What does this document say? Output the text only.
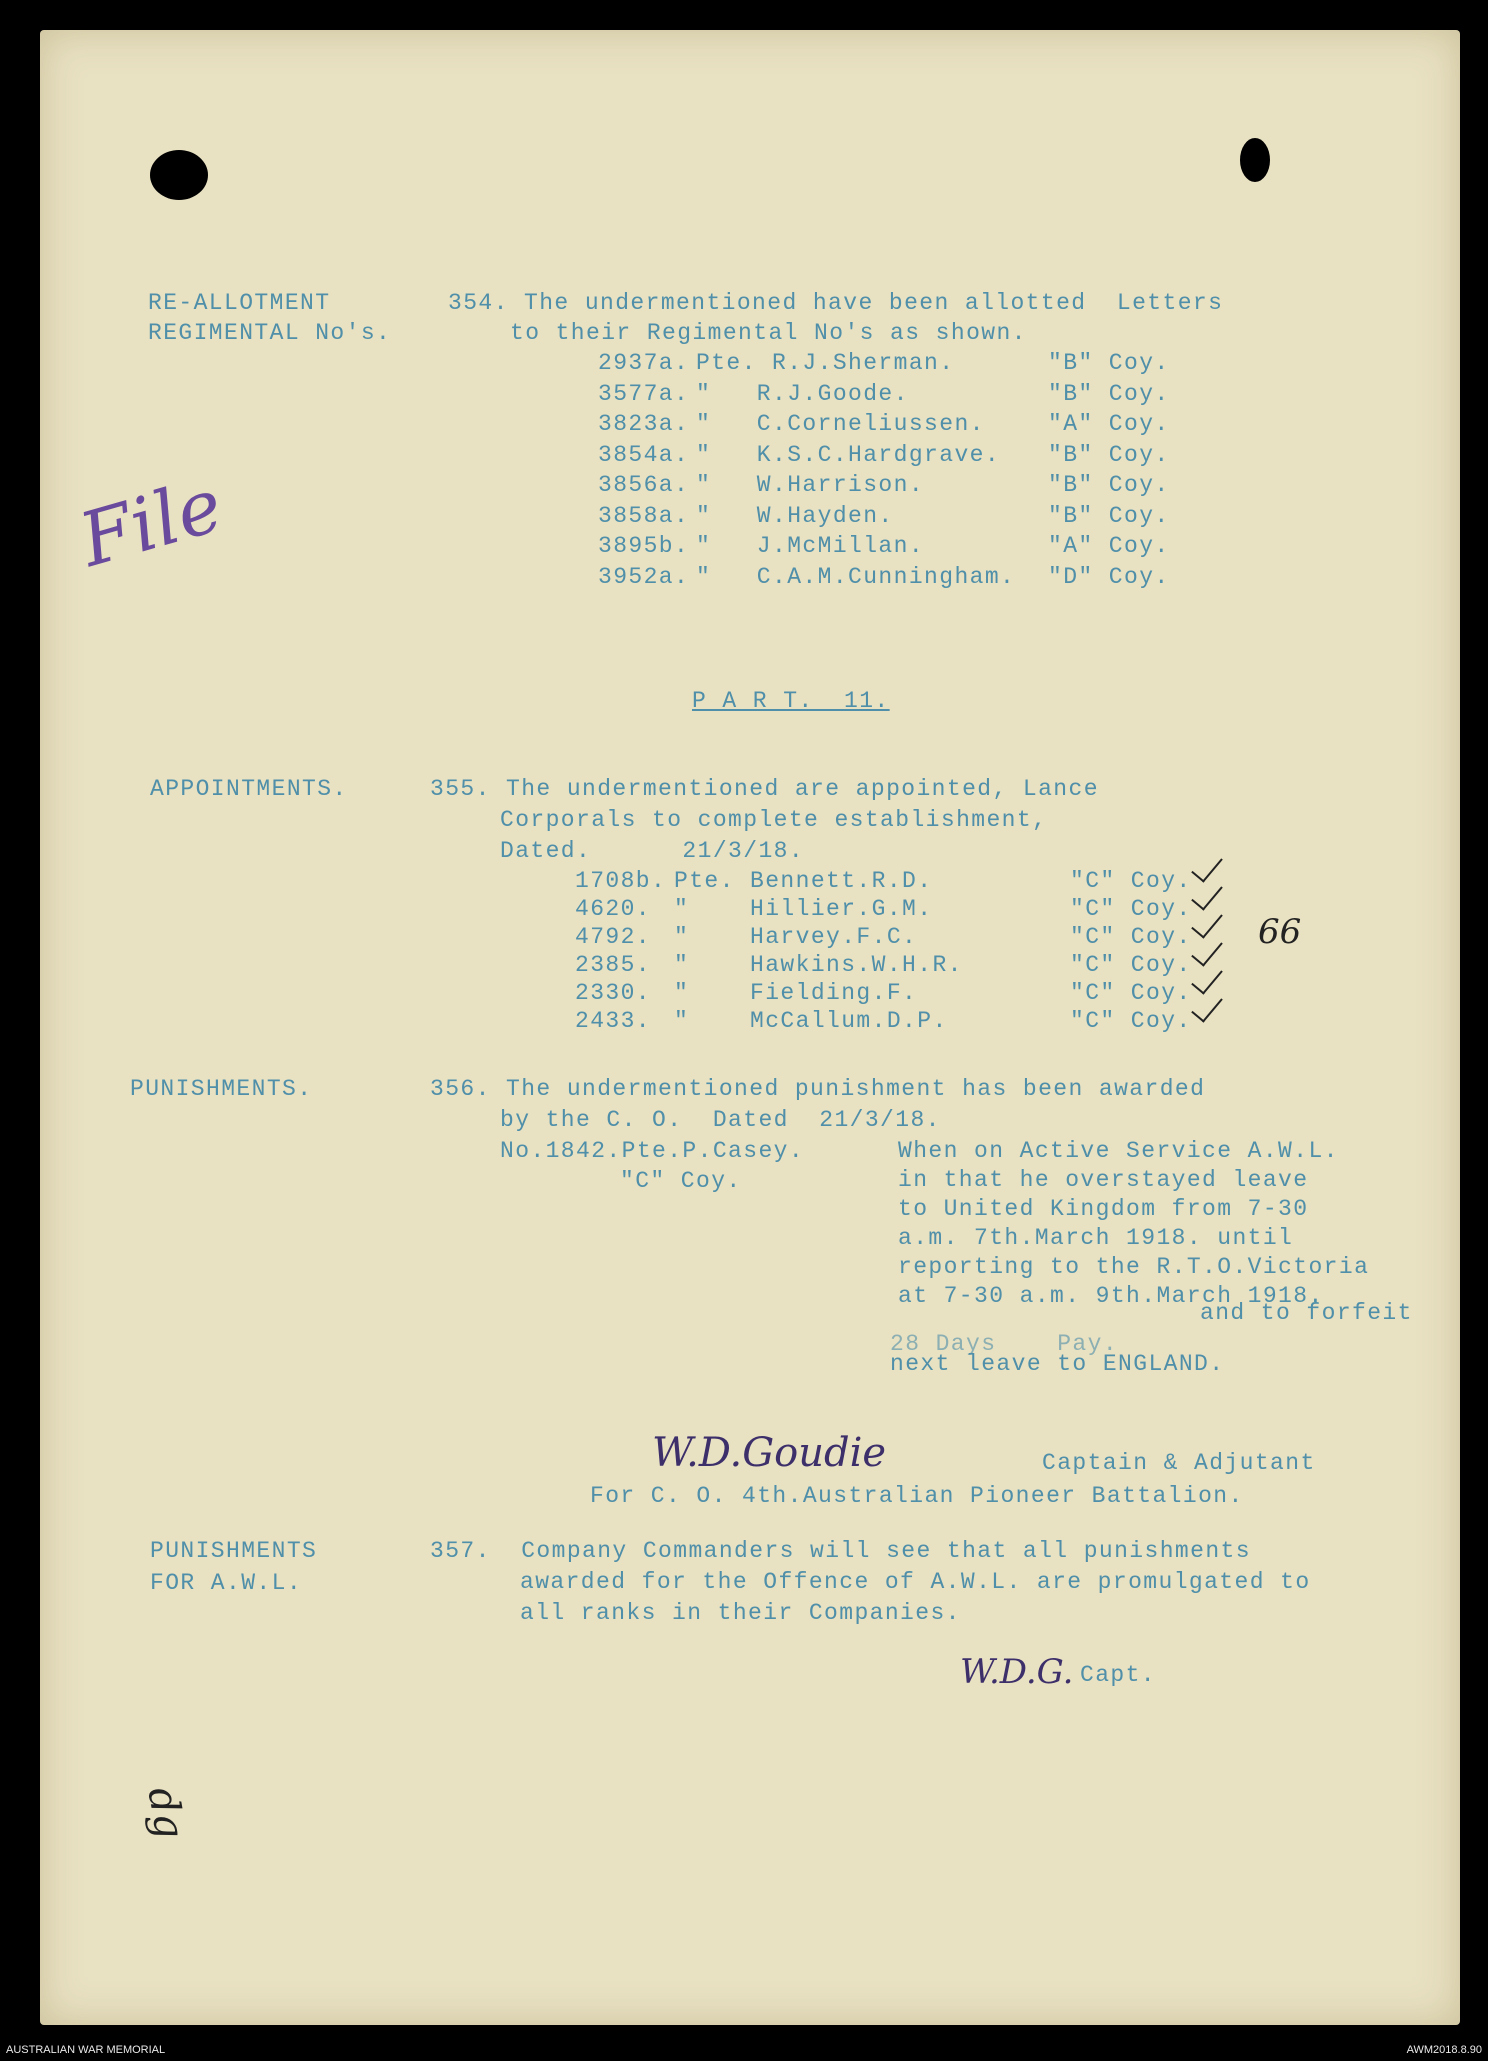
RE-ALLOTMENT
REGIMENTAL No's.
354. The undermentioned have been allotted  Letters
to their Regimental No's as shown.
2937a. Pte. R.J.Sherman.	"B" Coy.
3577a. "   R.J.Goode.	"B" Coy.
3823a. "   C.Corneliussen.	"A" Coy.
3854a. "   K.S.C.Hardgrave. "B" Coy.
3856a. "   W.Harrison.	"B" Coy.
3858a. "   W.Hayden.	"B" Coy.
3895b. "   J.McMillan.	"A" Coy.
3952a. "   C.A.M.Cunningham. "D" Coy.
P A R T.  11.
APPOINTMENTS.	355. The undermentioned are appointed, Lance
Corporals to complete establishment,
Dated.      21/3/18.
1708b. Pte. Bennett.R.D.	"C" Coy.
4620. "    Hillier.G.M.	"C" Coy.
4792. "    Harvey.F.C.	"C" Coy.
2385. "    Hawkins.W.H.R.	"C" Coy.
2330. "    Fielding.F.	"C" Coy.
2433. "    McCallum.D.P.	"C" Coy.
66
PUNISHMENTS.	356. The undermentioned punishment has been awarded
by the C. O.  Dated  21/3/18.
No.1842.Pte.P.Casey.
"C" Coy.
When on Active Service A.W.L.
in that he overstayed leave
to United Kingdom from 7-30
a.m. 7th.March 1918. until
reporting to the R.T.O.Victoria
at 7-30 a.m. 9th.March 1918.
and to forfeit
28 Days    Pay.
next leave to ENGLAND.
W.D.Goudie	Captain & Adjutant
For C. O. 4th.Australian Pioneer Battalion.
PUNISHMENTS
FOR A.W.L.
357.  Company Commanders will see that all punishments
awarded for the Offence of A.W.L. are promulgated to
all ranks in their Companies.
W.D.G. Capt.
File
dg
AUSTRALIAN WAR MEMORIAL	AWM2018.8.90
